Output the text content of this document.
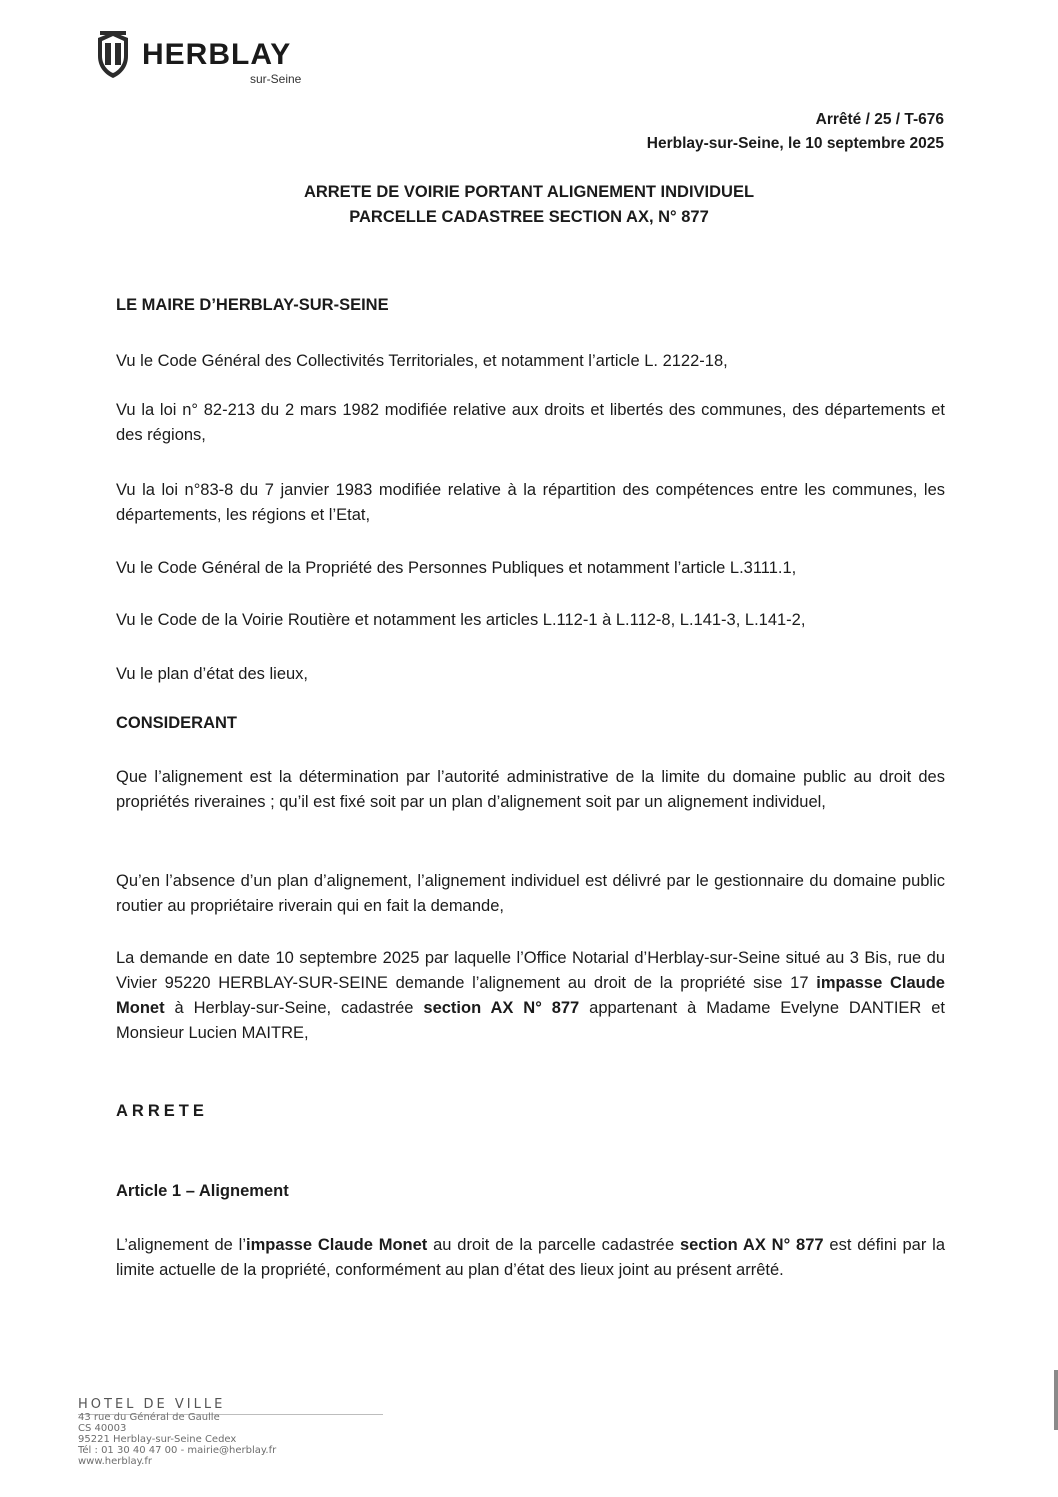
HERBLAY
sur-Seine
Arrêté / 25 / T-676
Herblay-sur-Seine, le 10 septembre 2025
ARRETE DE VOIRIE PORTANT ALIGNEMENT INDIVIDUEL
PARCELLE CADASTREE SECTION AX, N° 877
LE MAIRE D’HERBLAY-SUR-SEINE
Vu le Code Général des Collectivités Territoriales, et notamment l’article L. 2122-18,
Vu la loi n° 82-213 du 2 mars 1982 modifiée relative aux droits et libertés des communes, des départements et des régions,
Vu la loi n°83-8 du 7 janvier 1983 modifiée relative à la répartition des compétences entre les communes, les départements, les régions et l’Etat,
Vu le Code Général de la Propriété des Personnes Publiques et notamment l’article L.3111.1,
Vu le Code de la Voirie Routière et notamment les articles L.112-1 à L.112-8, L.141-3, L.141-2,
Vu le plan d’état des lieux,
CONSIDERANT
Que l’alignement est la détermination par l’autorité administrative de la limite du domaine public au droit des propriétés riveraines ; qu’il est fixé soit par un plan d’alignement soit par un alignement individuel,
Qu’en l’absence d’un plan d’alignement, l’alignement individuel est délivré par le gestionnaire du domaine public routier au propriétaire riverain qui en fait la demande,
La demande en date 10 septembre 2025 par laquelle l’Office Notarial d’Herblay-sur-Seine situé au 3 Bis, rue du Vivier 95220 HERBLAY-SUR-SEINE demande l’alignement au droit de la propriété sise 17 impasse Claude Monet à Herblay-sur-Seine, cadastrée section AX N° 877 appartenant à Madame Evelyne DANTIER et Monsieur Lucien MAITRE,
ARRETE
Article 1 – Alignement
L’alignement de l’impasse Claude Monet au droit de la parcelle cadastrée section AX N° 877 est défini par la limite actuelle de la propriété, conformément au plan d’état des lieux joint au présent arrêté.
HOTEL DE VILLE
43 rue du Général de Gaulle
CS 40003
95221 Herblay-sur-Seine Cedex
Tél : 01 30 40 47 00 - mairie@herblay.fr
www.herblay.fr
